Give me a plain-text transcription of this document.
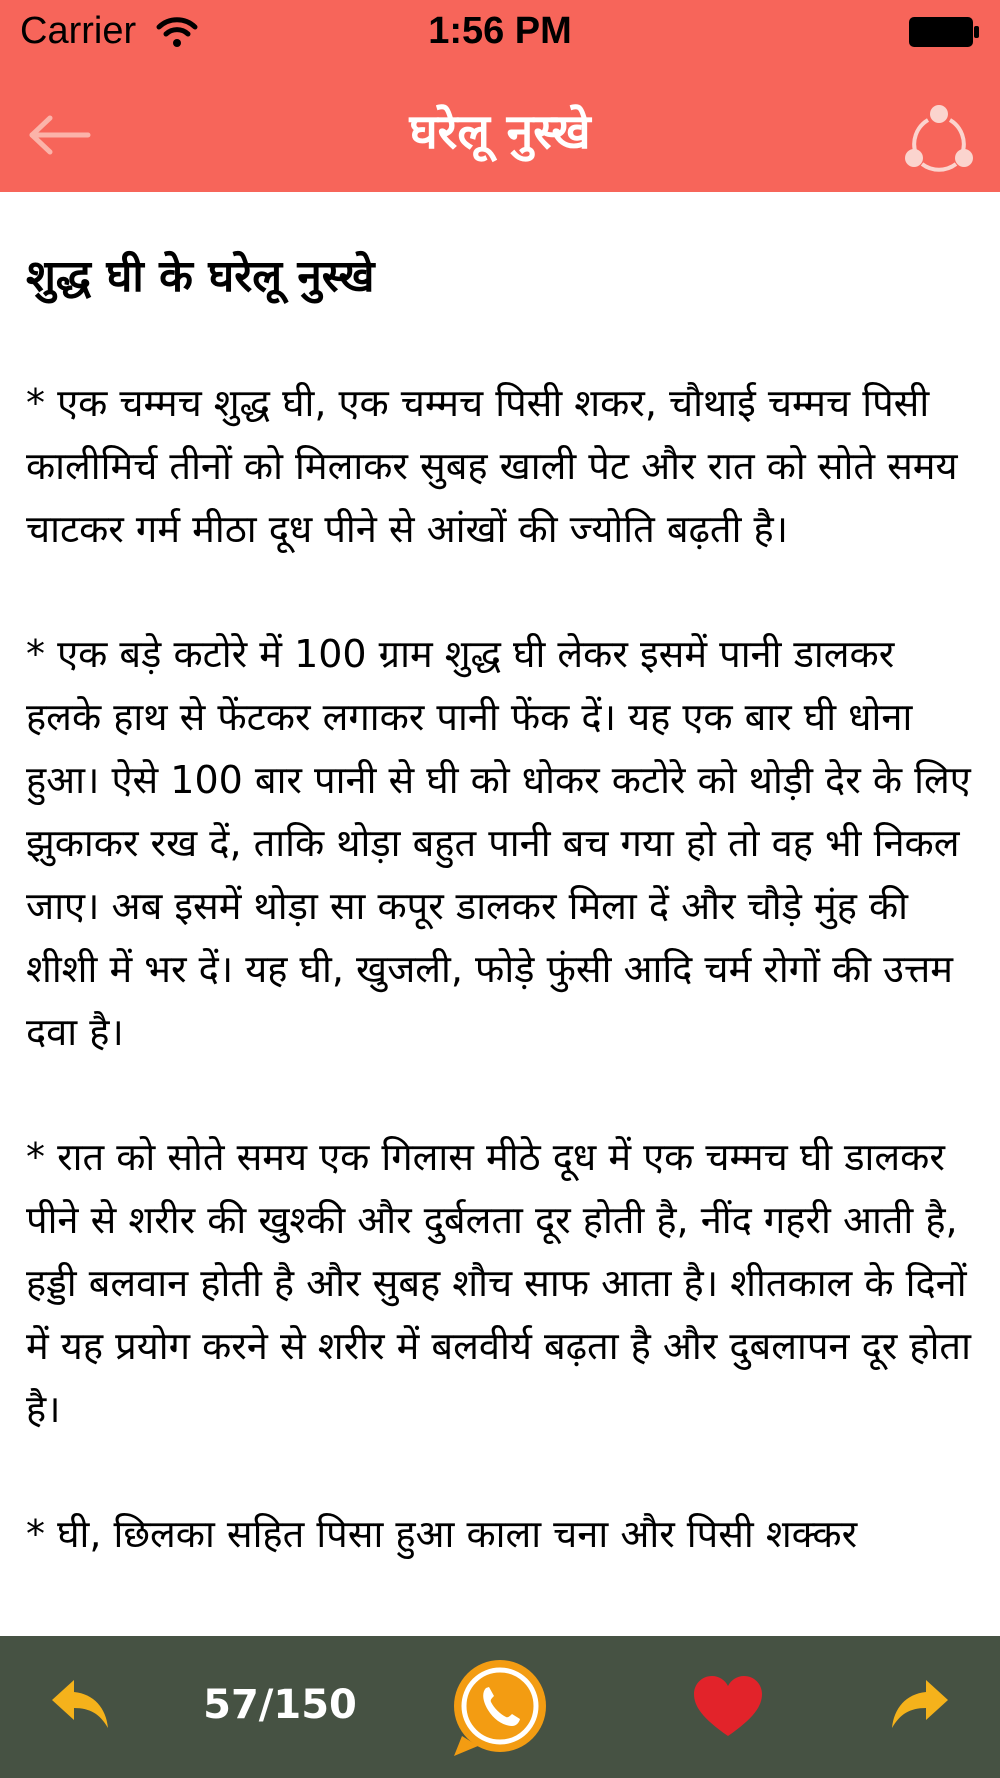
Carrier	1:56 PM
घरेलू नुस्खे
शुद्ध घी के घरेलू नुस्खे

* एक चम्मच शुद्ध घी, एक चम्मच पिसी शकर, चौथाई चम्मच पिसी कालीमिर्च तीनों को मिलाकर सुबह खाली पेट और रात को सोते समय चाटकर गर्म मीठा दूध पीने से आंखों की ज्योति बढ़ती है।

* एक बड़े कटोरे में 100 ग्राम शुद्ध घी लेकर इसमें पानी डालकर हलके हाथ से फेंटकर लगाकर पानी फेंक दें। यह एक बार घी धोना हुआ। ऐसे 100 बार पानी से घी को धोकर कटोरे को थोड़ी देर के लिए झुकाकर रख दें, ताकि थोड़ा बहुत पानी बच गया हो तो वह भी निकल जाए। अब इसमें थोड़ा सा कपूर डालकर मिला दें और चौड़े मुंह की शीशी में भर दें। यह घी, खुजली, फोड़े फुंसी आदि चर्म रोगों की उत्तम दवा है।

* रात को सोते समय एक गिलास मीठे दूध में एक चम्मच घी डालकर पीने से शरीर की खुश्की और दुर्बलता दूर होती है, नींद गहरी आती है, हड्डी बलवान होती है और सुबह शौच साफ आता है। शीतकाल के दिनों में यह प्रयोग करने से शरीर में बलवीर्य बढ़ता है और दुबलापन दूर होता है।

* घी, छिलका सहित पिसा हुआ काला चना और पिसी शक्कर

57/150
